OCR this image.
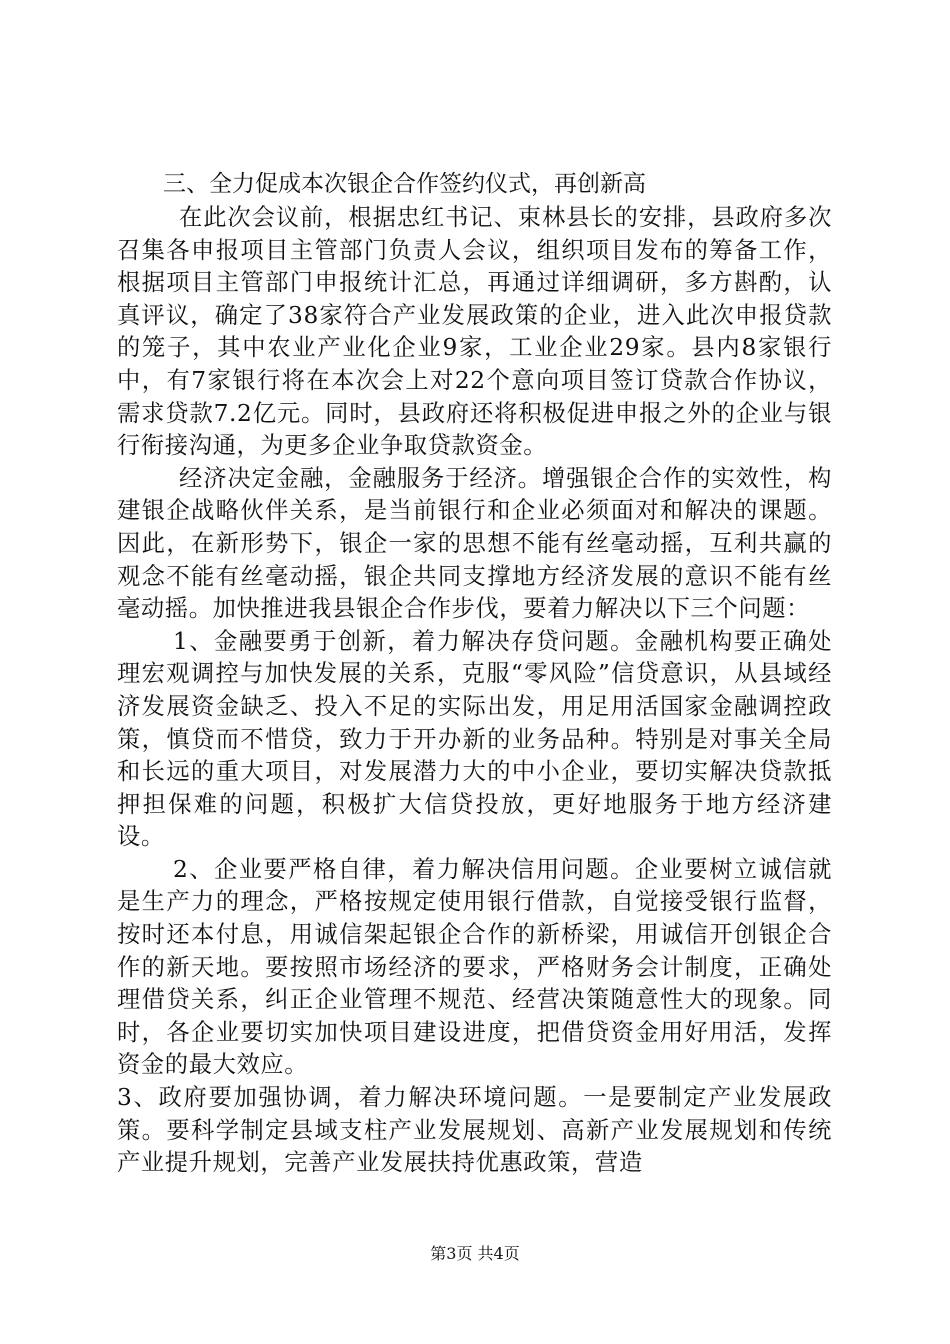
三、全力促成本次银企合作签约仪式，再创新高

在此次会议前，根据忠红书记、束林县长的安排，县政府多次召集各申报项目主管部门负责人会议，组织项目发布的筹备工作，根据项目主管部门申报统计汇总，再通过详细调研，多方斟酌，认真评议，确定了38家符合产业发展政策的企业，进入此次申报贷款的笼子，其中农业产业化企业9家，工业企业29家。县内8家银行中，有7家银行将在本次会上对22个意向项目签订贷款合作协议，需求贷款7.2亿元。同时，县政府还将积极促进申报之外的企业与银行衔接沟通，为更多企业争取贷款资金。

经济决定金融，金融服务于经济。增强银企合作的实效性，构建银企战略伙伴关系，是当前银行和企业必须面对和解决的课题。因此，在新形势下，银企一家的思想不能有丝毫动摇，互利共赢的观念不能有丝毫动摇，银企共同支撑地方经济发展的意识不能有丝毫动摇。加快推进我县银企合作步伐，要着力解决以下三个问题：

1、金融要勇于创新，着力解决存贷问题。金融机构要正确处理宏观调控与加快发展的关系，克服“零风险”信贷意识，从县域经济发展资金缺乏、投入不足的实际出发，用足用活国家金融调控政策，慎贷而不惜贷，致力于开办新的业务品种。特别是对事关全局和长远的重大项目，对发展潜力大的中小企业，要切实解决贷款抵押担保难的问题，积极扩大信贷投放，更好地服务于地方经济建设。

2、企业要严格自律，着力解决信用问题。企业要树立诚信就是生产力的理念，严格按规定使用银行借款，自觉接受银行监督，按时还本付息，用诚信架起银企合作的新桥梁，用诚信开创银企合作的新天地。要按照市场经济的要求，严格财务会计制度，正确处理借贷关系，纠正企业管理不规范、经营决策随意性大的现象。同时，各企业要切实加快项目建设进度，把借贷资金用好用活，发挥资金的最大效应。

3、政府要加强协调，着力解决环境问题。一是要制定产业发展政策。要科学制定县域支柱产业发展规划、高新产业发展规划和传统产业提升规划，完善产业发展扶持优惠政策，营造

第3页 共4页
